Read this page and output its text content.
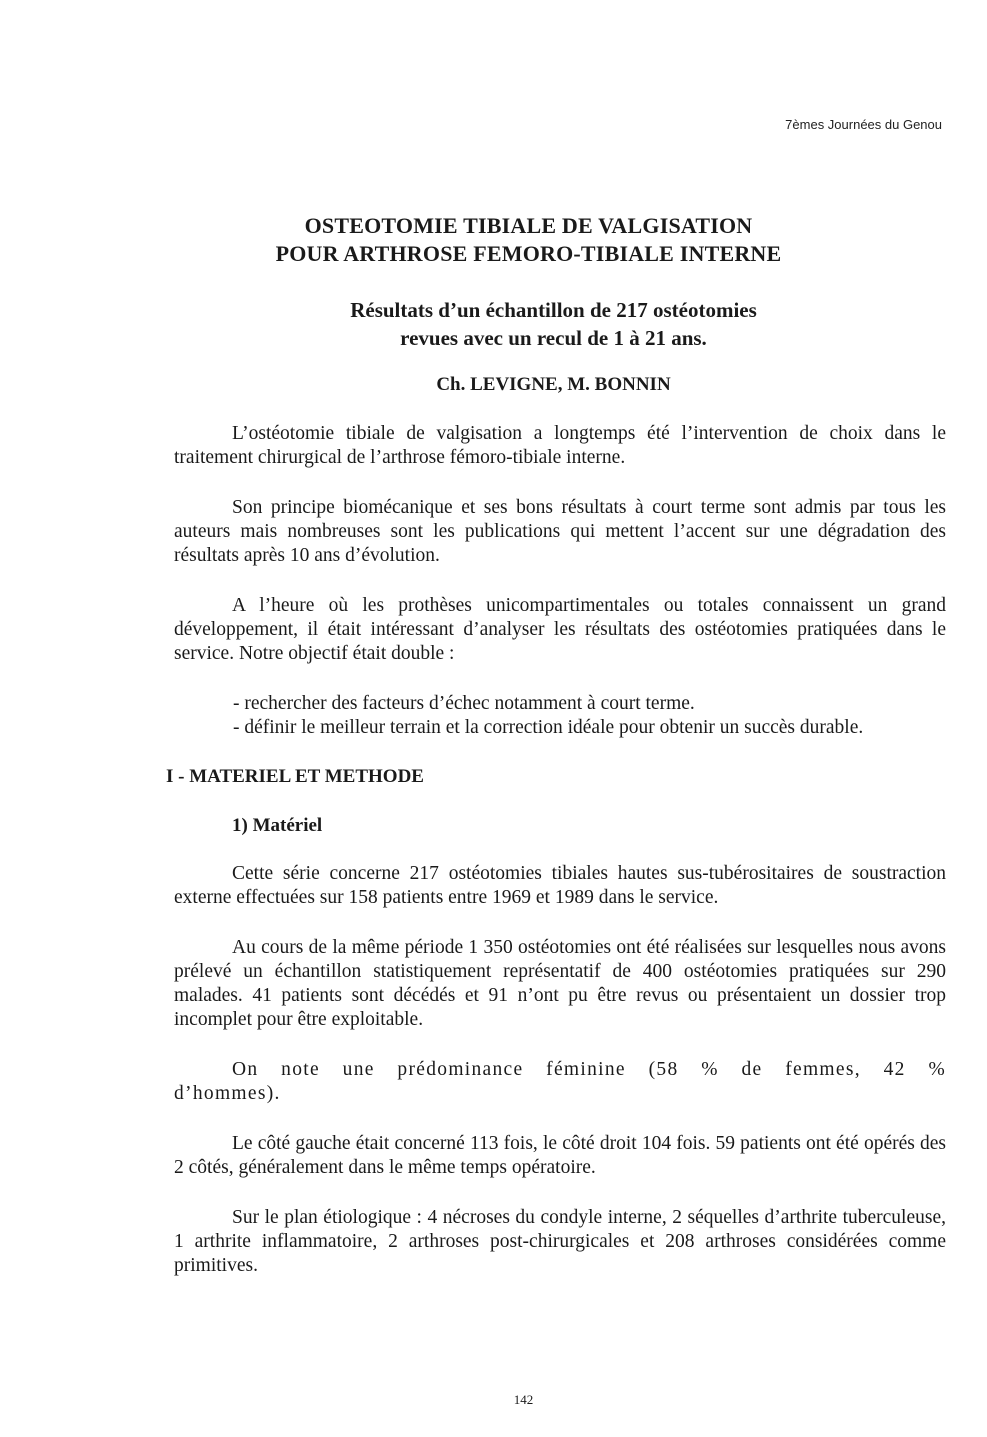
7èmes Journées du Genou
OSTEOTOMIE TIBIALE DE VALGISATION
POUR ARTHROSE FEMORO-TIBIALE INTERNE
Résultats d’un échantillon de 217 ostéotomies
revues avec un recul de 1 à 21 ans.
Ch. LEVIGNE, M. BONNIN

L’ostéotomie tibiale de valgisation a longtemps été l’intervention de choix dans le traitement chirurgical de l’arthrose fémoro-tibiale interne.

Son principe biomécanique et ses bons résultats à court terme sont admis par tous les auteurs mais nombreuses sont les publications qui mettent l’accent sur une dégradation des résultats après 10 ans d’évolution.

A l’heure où les prothèses unicompartimentales ou totales connaissent un grand développement, il était intéressant d’analyser les résultats des ostéotomies pratiquées dans le service. Notre objectif était double :

- rechercher des facteurs d’échec notamment à court terme.
- définir le meilleur terrain et la correction idéale pour obtenir un succès durable.
I - MATERIEL ET METHODE
1) Matériel

Cette série concerne 217 ostéotomies tibiales hautes sus-tubérositaires de soustraction externe effectuées sur 158 patients entre 1969 et 1989 dans le service.

Au cours de la même période 1 350 ostéotomies ont été réalisées sur lesquelles nous avons prélevé un échantillon statistiquement représentatif de 400 ostéotomies pratiquées sur 290 malades. 41 patients sont décédés et 91 n’ont pu être revus ou présentaient un dossier trop incomplet pour être exploitable.

On note une prédominance féminine (58 % de femmes, 42 % d’hommes).

Le côté gauche était concerné 113 fois, le côté droit 104 fois. 59 patients ont été opérés des 2 côtés, généralement dans le même temps opératoire.

Sur le plan étiologique : 4 nécroses du condyle interne, 2 séquelles d’arthrite tuberculeuse, 1 arthrite inflammatoire, 2 arthroses post-chirurgicales et 208 arthroses considérées comme primitives.

142
